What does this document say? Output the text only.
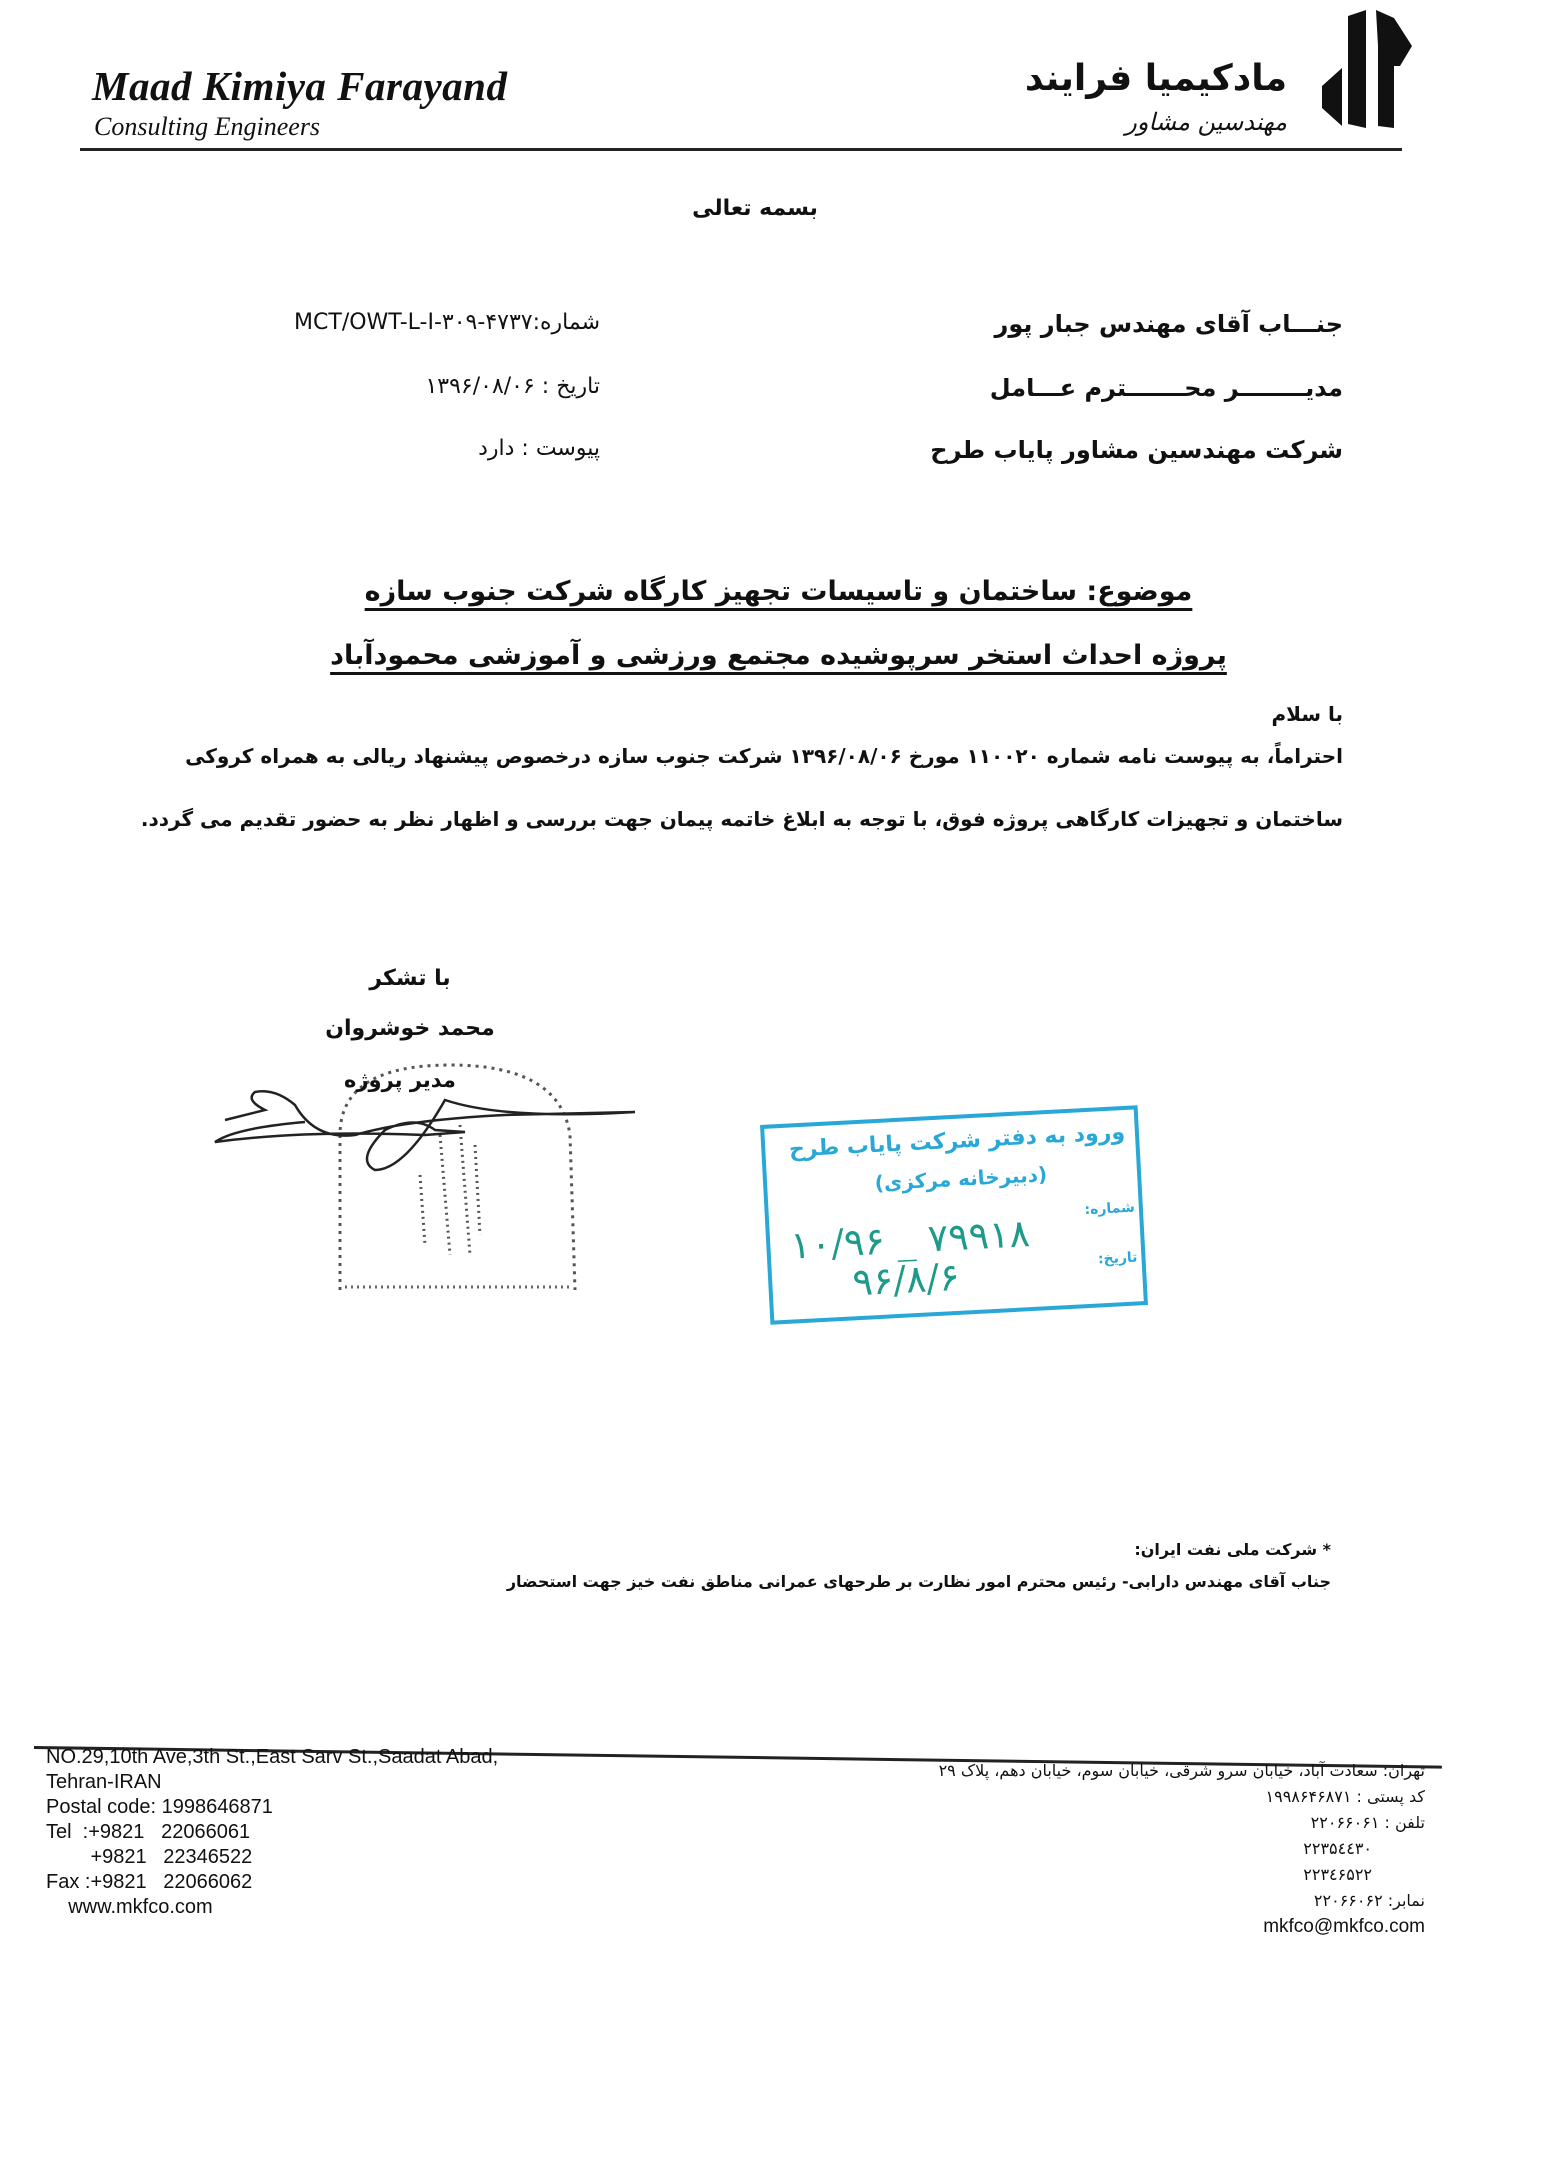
Maad Kimiya Farayand
Consulting Engineers
مادکیمیا فرایند
مهندسین مشاور
بسمه تعالی
شماره:۴۷۳۷-MCT/OWT-L-I-۳۰۹
تاریخ : ۱۳۹۶/۰۸/۰۶
پیوست : دارد
جنـــاب آقای مهندس جبار پور
مدیــــــــر محـــــــترم عـــامل
شرکت مهندسین مشاور پایاب طرح
موضوع: ساختمان و تاسیسات تجهیز کارگاه شرکت جنوب سازه
پروژه احداث استخر سرپوشیده مجتمع ورزشی و آموزشی محمودآباد
با سلام
احتراماً، به پیوست نامه شماره ۱۱۰۰۲۰ مورخ ۱۳۹۶/۰۸/۰۶ شرکت جنوب سازه درخصوص پیشنهاد ریالی به همراه کروکی
ساختمان و تجهیزات کارگاهی پروژه فوق، با توجه به ابلاغ خاتمه پیمان جهت بررسی و اظهار نظر به حضور تقدیم می گردد.
با تشکر
محمد خوشروان
مدیر پروژه
ورود به دفتر شرکت پایاب طرح
(دبیرخانه مرکزی)
شماره:
۱۰/۹۶ _ ۷۹۹۱۸	تاریخ:
۹۶/۸/۶
* شرکت ملی نفت ایران:
جناب آقای مهندس دارابی- رئیس محترم امور نظارت بر طرحهای عمرانی مناطق نفت خیز جهت استحضار
NO.29,10th Ave,3th St.,East Sarv St.,Saadat Abad,
Tehran-IRAN
Postal code: 1998646871
Tel  :+9821   22066061
+9821   22346522
Fax :+9821   22066062
www.mkfco.com
تهران: سعادت آباد، خیابان سرو شرقی، خیابان سوم، خیابان دهم، پلاک ۲۹
کد پستی : ۱۹۹۸۶۴۶۸۷۱
تلفن : ۲۲۰۶۶۰۶۱
۲۲۳۵٤٤۳۰
۲۲۳٤۶۵۲۲
نمابر: ۲۲۰۶۶۰۶۲
mkfco@mkfco.com
